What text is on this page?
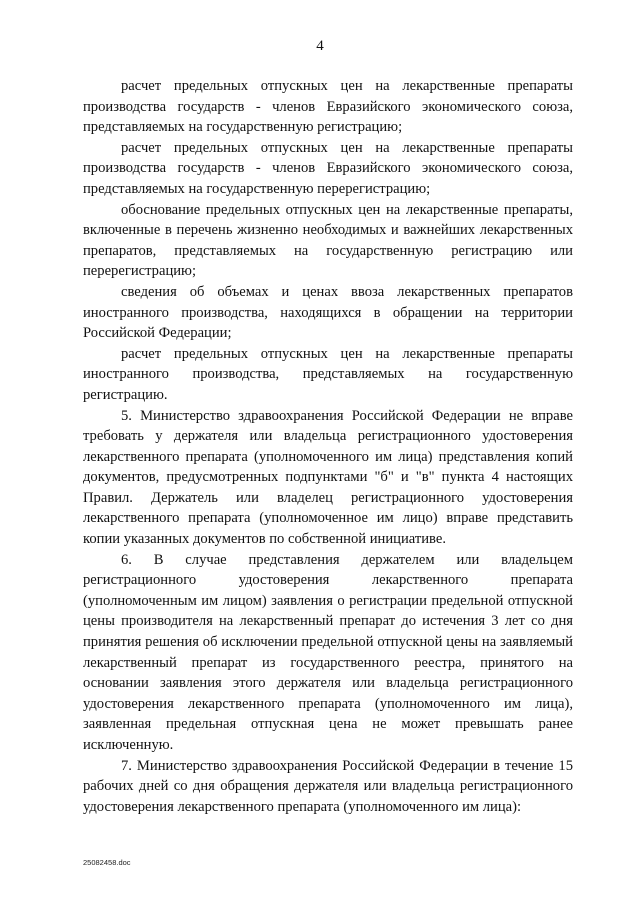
4

расчет предельных отпускных цен на лекарственные препараты производства государств - членов Евразийского экономического союза, представляемых на государственную регистрацию;

расчет предельных отпускных цен на лекарственные препараты производства государств - членов Евразийского экономического союза, представляемых на государственную перерегистрацию;

обоснование предельных отпускных цен на лекарственные препараты, включенные в перечень жизненно необходимых и важнейших лекарственных препаратов, представляемых на государственную регистрацию или перерегистрацию;

сведения об объемах и ценах ввоза лекарственных препаратов иностранного производства, находящихся в обращении на территории Российской Федерации;

расчет предельных отпускных цен на лекарственные препараты иностранного производства, представляемых на государственную регистрацию.

5. Министерство здравоохранения Российской Федерации не вправе требовать у держателя или владельца регистрационного удостоверения лекарственного препарата (уполномоченного им лица) представления копий документов, предусмотренных подпунктами "б" и "в" пункта 4 настоящих Правил. Держатель или владелец регистрационного удостоверения лекарственного препарата (уполномоченное им лицо) вправе представить копии указанных документов по собственной инициативе.

6. В случае представления держателем или владельцем регистрационного удостоверения лекарственного препарата (уполномоченным им лицом) заявления о регистрации предельной отпускной цены производителя на лекарственный препарат до истечения 3 лет со дня принятия решения об исключении предельной отпускной цены на заявляемый лекарственный препарат из государственного реестра, принятого на основании заявления этого держателя или владельца регистрационного удостоверения лекарственного препарата (уполномоченного им лица), заявленная предельная отпускная цена не может превышать ранее исключенную.

7. Министерство здравоохранения Российской Федерации в течение 15 рабочих дней со дня обращения держателя или владельца регистрационного удостоверения лекарственного препарата (уполномоченного им лица):

25082458.doc
